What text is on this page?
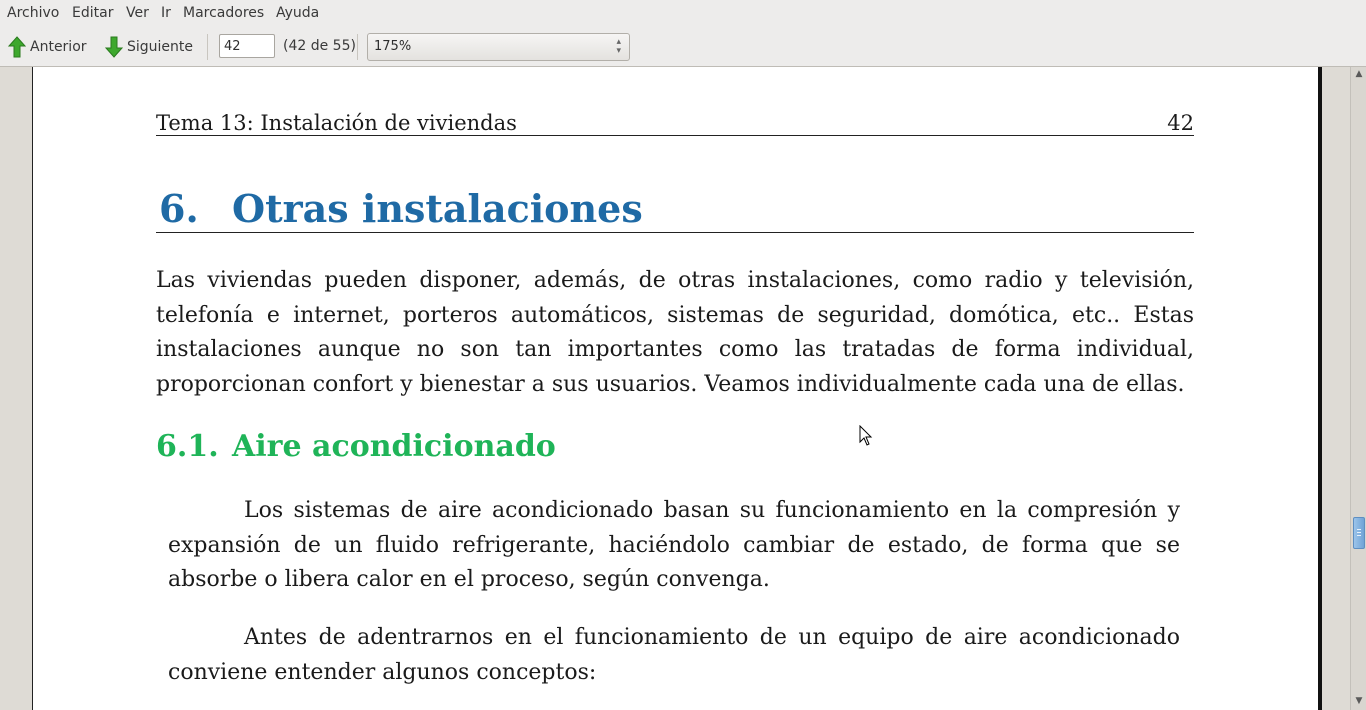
Archivo Editar Ver Ir Marcadores Ayuda
Anterior	Siguiente
42	(42 de 55) 175%	▴
▾
Tema 13: Instalación de viviendas	42
6. Otras instalaciones
Las viviendas pueden disponer, además, de otras instalaciones, como radio y televisión, telefonía e internet, porteros automáticos, sistemas de seguridad, domótica, etc.. Estas instalaciones aunque no son tan importantes como las tratadas de forma individual, proporcionan confort y bienestar a sus usuarios. Veamos individualmente cada una de ellas.
6.1. Aire acondicionado
Los sistemas de aire acondicionado basan su funcionamiento en la compresión y expansión de un fluido refrigerante, haciéndolo cambiar de estado, de forma que se absorbe o libera calor en el proceso, según convenga.
Antes de adentrarnos en el funcionamiento de un equipo de aire acondicionado conviene entender algunos conceptos:
▲
▼
